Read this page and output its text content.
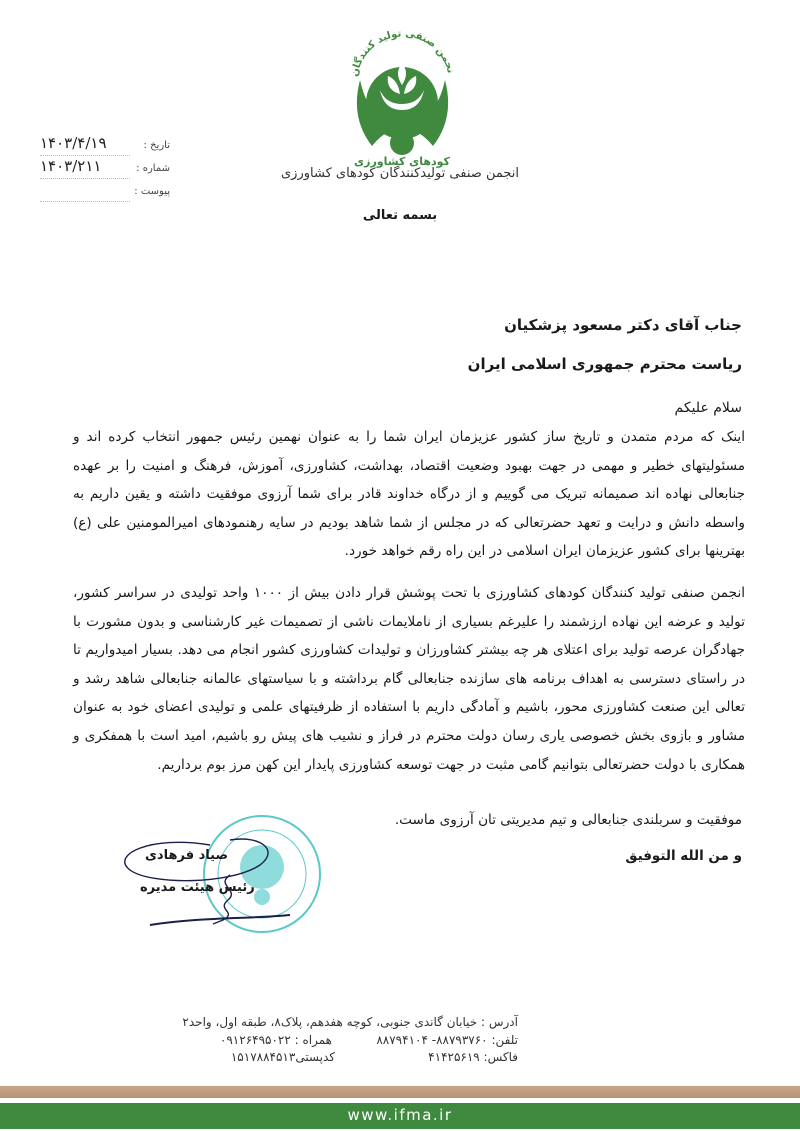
نجمن صنفی تولید کنندگان
کودهای کشاورزی
انجمن صنفی تولیدکنندگان کودهای کشاورزی
بسمه تعالی
تاریخ :
۱۴۰۳/۴/۱۹
شماره :
۱۴۰۳/۲۱۱
پیوست :
جناب آقای دکتر مسعود پزشکیان
ریاست محترم جمهوری اسلامی ایران
سلام علیکم
اینک که مردم متمدن و تاریخ ساز کشور عزیزمان ایران شما را به عنوان نهمین رئیس جمهور انتخاب کرده اند و مسئولیتهای خطیر و مهمی در جهت بهبود وضعیت اقتصاد، بهداشت، کشاورزی، آموزش، فرهنگ و امنیت را بر عهده جنابعالی نهاده اند صمیمانه تبریک می گوییم و از درگاه خداوند قادر برای شما آرزوی موفقیت داشته و یقین داریم به واسطه دانش و درایت و تعهد حضرتعالی که در مجلس از شما شاهد بودیم در سایه رهنمودهای امیرالمومنین علی (ع) بهترینها برای کشور عزیزمان ایران اسلامی در این راه رقم خواهد خورد.
انجمن صنفی تولید کنندگان کودهای کشاورزی با تحت پوشش قرار دادن بیش از ۱۰۰۰ واحد تولیدی در سراسر کشور، تولید و عرضه این نهاده ارزشمند را علیرغم بسیاری از ناملایمات ناشی از تصمیمات غیر کارشناسی و بدون مشورت با جهادگران عرصه تولید برای اعتلای هر چه بیشتر کشاورزان و تولیدات کشاورزی کشور انجام می دهد. بسیار امیدواریم تا در راستای دسترسی به اهداف برنامه های سازنده جنابعالی گام برداشته و با سیاستهای عالمانه جنابعالی شاهد رشد و تعالی این صنعت کشاورزی محور، باشیم و آمادگی داریم با استفاده از ظرفیتهای علمی و تولیدی اعضای خود به عنوان مشاور و بازوی بخش خصوصی یاری رسان دولت محترم در فراز و نشیب های پیش رو باشیم، امید است با همفکری و همکاری با دولت حضرتعالی بتوانیم گامی مثبت در جهت توسعه کشاورزی پایدار این کهن مرز بوم برداریم.
موفقیت و سربلندی جنابعالی و تیم مدیریتی تان آرزوی ماست.
و من الله التوفیق
صیاد فرهادی
رئیس هیئت مدیره
آدرس : خیابان گاندی جنوبی، کوچه هفدهم، پلاک۸، طبقه اول، واحد۲
تلفن: ۸۸۷۹۳۷۶۰- ۸۸۷۹۴۱۰۴
همراه : ۰۹۱۲۶۴۹۵۰۲۲
فاکس: ۴۱۴۲۵۶۱۹
کدپستی۱۵۱۷۸۸۴۵۱۳
www.ifma.ir
